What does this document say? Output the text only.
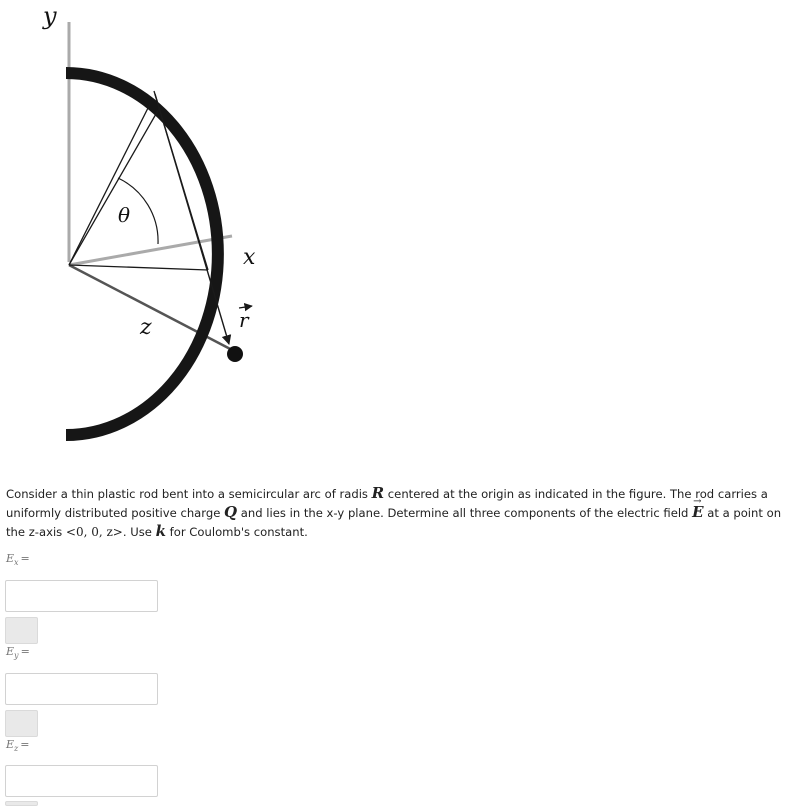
y
x
z
θ
r

Consider a thin plastic rod bent into a semicircular arc of radis R centered at the origin as indicated in the figure. The rod carries a uniformly distributed positive charge Q and lies in the x-y plane. Determine all three components of the electric field → E at a point on the z-axis <0, 0, z>. Use k for Coulomb's constant.

$E_x$ =
$E_y$ =
$E_z$ =
